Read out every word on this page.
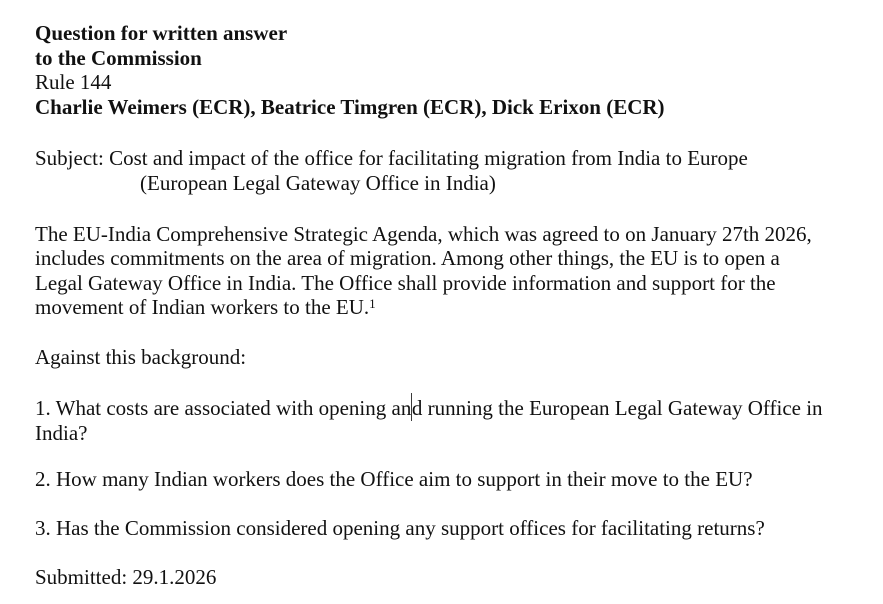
Question for written answer
to the Commission
Rule 144
Charlie Weimers (ECR), Beatrice Timgren (ECR), Dick Erixon (ECR)
Subject: Cost and impact of the office for facilitating migration from India to Europe
(European Legal Gateway Office in India)
The EU-India Comprehensive Strategic Agenda, which was agreed to on January 27th 2026,
includes commitments on the area of migration. Among other things, the EU is to open a
Legal Gateway Office in India. The Office shall provide information and support for the
movement of Indian workers to the EU.$^1$
Against this background:
1. What costs are associated with opening and running the European Legal Gateway Office in
India?
2. How many Indian workers does the Office aim to support in their move to the EU?
3. Has the Commission considered opening any support offices for facilitating returns?
Submitted: 29.1.2026
